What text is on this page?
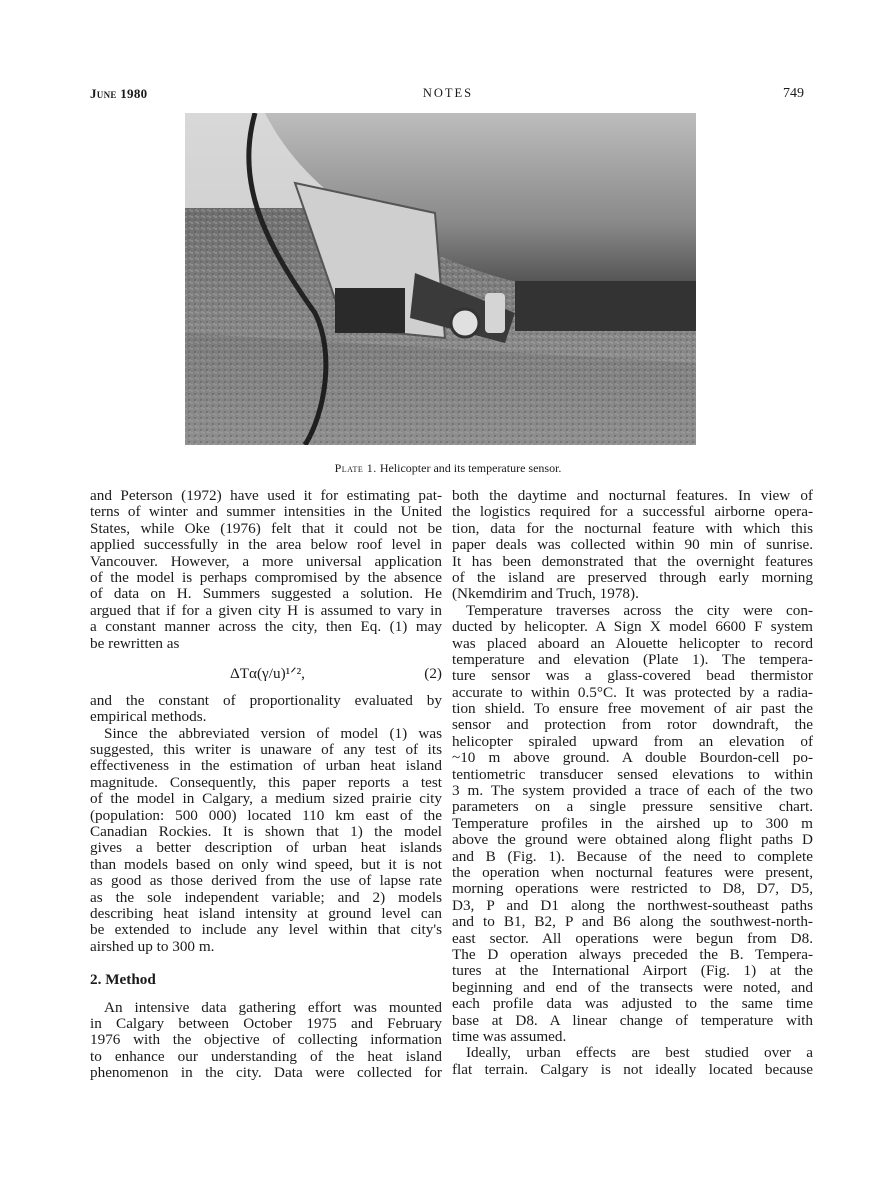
June 1980	NOTES	749
Plate 1. Helicopter and its temperature sensor.
and Peterson (1972) have used it for estimating pat-
terns of winter and summer intensities in the United
States, while Oke (1976) felt that it could not be
applied successfully in the area below roof level in
Vancouver. However, a more universal application
of the model is perhaps compromised by the absence
of data on H. Summers suggested a solution. He
argued that if for a given city H is assumed to vary in
a constant manner across the city, then Eq. (1) may
be rewritten as
ΔTα(γ/u)¹ᐟ²,	(2)
and the constant of proportionality evaluated by
empirical methods.
Since the abbreviated version of model (1) was
suggested, this writer is unaware of any test of its
effectiveness in the estimation of urban heat island
magnitude. Consequently, this paper reports a test
of the model in Calgary, a medium sized prairie city
(population: 500 000) located 110 km east of the
Canadian Rockies. It is shown that 1) the model
gives a better description of urban heat islands
than models based on only wind speed, but it is not
as good as those derived from the use of lapse rate
as the sole independent variable; and 2) models
describing heat island intensity at ground level can
be extended to include any level within that city's
airshed up to 300 m.
2. Method
An intensive data gathering effort was mounted
in Calgary between October 1975 and February
1976 with the objective of collecting information
to enhance our understanding of the heat island
phenomenon in the city. Data were collected for
both the daytime and nocturnal features. In view of
the logistics required for a successful airborne opera-
tion, data for the nocturnal feature with which this
paper deals was collected within 90 min of sunrise.
It has been demonstrated that the overnight features
of the island are preserved through early morning
(Nkemdirim and Truch, 1978).
Temperature traverses across the city were con-
ducted by helicopter. A Sign X model 6600 F system
was placed aboard an Alouette helicopter to record
temperature and elevation (Plate 1). The tempera-
ture sensor was a glass-covered bead thermistor
accurate to within 0.5°C. It was protected by a radia-
tion shield. To ensure free movement of air past the
sensor and protection from rotor downdraft, the
helicopter spiraled upward from an elevation of
~10 m above ground. A double Bourdon-cell po-
tentiometric transducer sensed elevations to within
3 m. The system provided a trace of each of the two
parameters on a single pressure sensitive chart.
Temperature profiles in the airshed up to 300 m
above the ground were obtained along flight paths D
and B (Fig. 1). Because of the need to complete
the operation when nocturnal features were present,
morning operations were restricted to D8, D7, D5,
D3, P and D1 along the northwest-southeast paths
and to B1, B2, P and B6 along the southwest-north-
east sector. All operations were begun from D8.
The D operation always preceded the B. Tempera-
tures at the International Airport (Fig. 1) at the
beginning and end of the transects were noted, and
each profile data was adjusted to the same time
base at D8. A linear change of temperature with
time was assumed.
Ideally, urban effects are best studied over a
flat terrain. Calgary is not ideally located because
